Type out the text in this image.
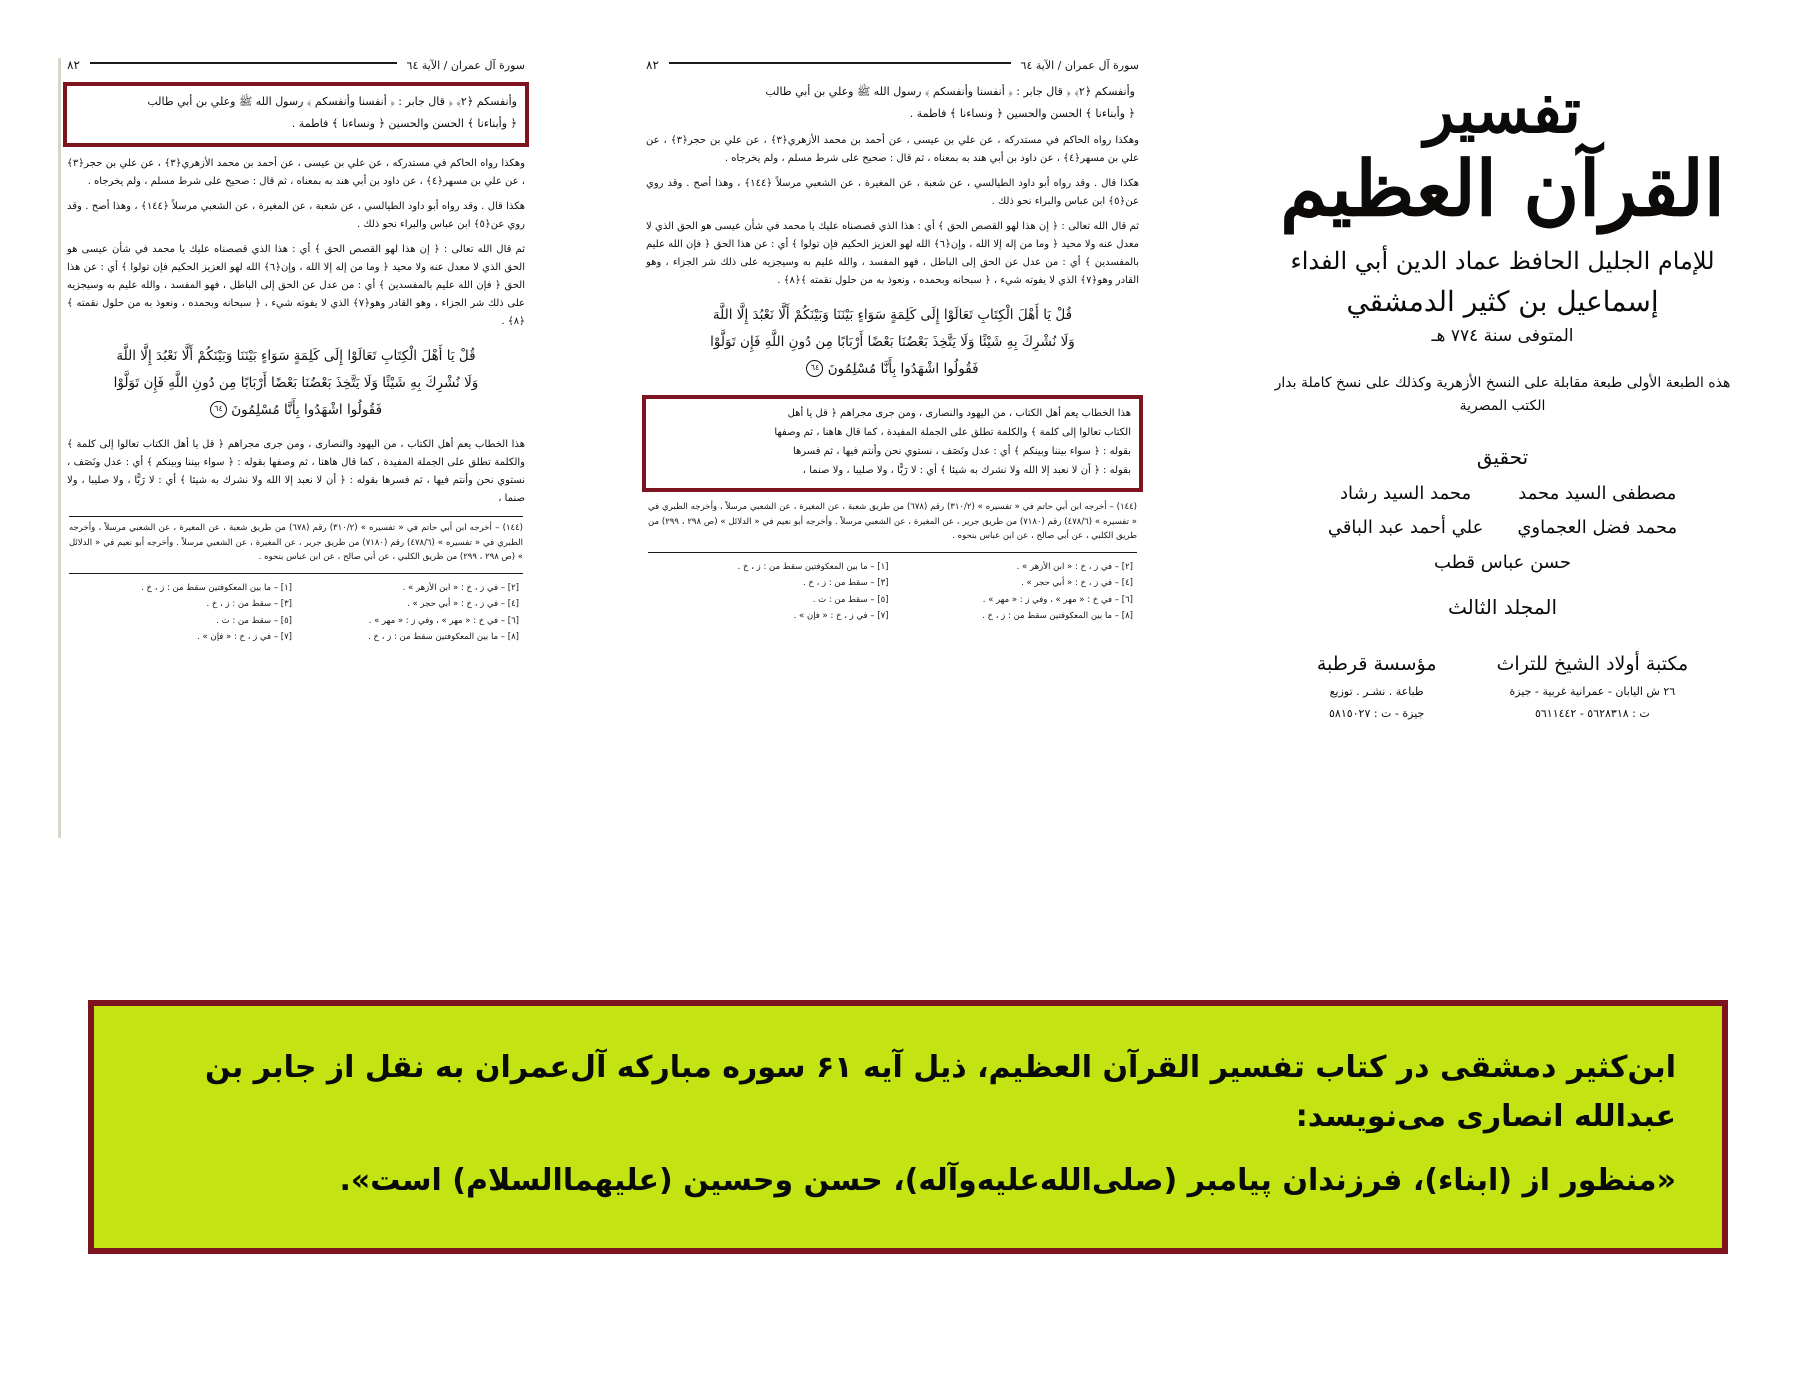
سورة آل عمران / الآية ٦٤
٨٢
وأنفسكم ﴿٢﴾ ﴿ قال جابر : ﴿ أنفسنا وأنفسكم ﴾ رسول الله ﷺ وعلي بن أبي طالب
﴿ وأبناءنا ﴾ الحسن والحسين ﴿ ونساءنا ﴾ فاطمة .
وهكذا رواه الحاكم في مستدركه ، عن علي بن عيسى ، عن أحمد بن محمد الأزهري﴿٣﴾ ، عن علي بن حجر﴿٣﴾ ، عن علي بن مسهر﴿٤﴾ ، عن داود بن أبي هند به بمعناه ، ثم قال : صحيح على شرط مسلم ، ولم يخرجاه .
هكذا قال . وقد رواه أبو داود الطيالسي ، عن شعبة ، عن المغيرة ، عن الشعبي مرسلاً ﴿١٤٤﴾ ، وهذا أصح . وقد روي عن﴿٥﴾ ابن عباس والبراء نحو ذلك .
ثم قال الله تعالى : ﴿ إن هذا لهو القصص الحق ﴾ أي : هذا الذي قصصناه عليك يا محمد في شأن عيسى هو الحق الذي لا معدل عنه ولا محيد ﴿ وما من إله إلا الله ، وإن﴿٦﴾ الله لهو العزيز الحكيم فإن تولوا ﴾ أي : عن هذا الحق ﴿ فإن الله عليم بالمفسدين ﴾ أي : من عدل عن الحق إلى الباطل ، فهو المفسد ، والله عليم به وسيجزيه على ذلك شر الجزاء ، وهو القادر وهو﴿٧﴾ الذي لا يفوته شيء ، ﴿ سبحانه وبحمده ، ونعوذ به من حلول نقمته ﴾﴿٨﴾ .
قُلْ يَا أَهْلَ الْكِتَابِ تَعَالَوْا إِلَى كَلِمَةٍ سَوَاءٍ بَيْنَنَا وَبَيْنَكُمْ أَلَّا نَعْبُدَ إِلَّا اللَّهَ
وَلَا نُشْرِكَ بِهِ شَيْئًا وَلَا يَتَّخِذَ بَعْضُنَا بَعْضًا أَرْبَابًا مِن دُونِ اللَّهِ فَإِن تَوَلَّوْا
فَقُولُوا اشْهَدُوا بِأَنَّا مُسْلِمُونَ ٦٤
هذا الخطاب يعم أهل الكتاب ، من اليهود والنصارى ، ومن جرى مجراهم ﴿ قل يا أهل الكتاب تعالوا إلى كلمة ﴾ والكلمة تطلق على الجملة المفيدة ، كما قال هاهنا ، ثم وصفها بقوله : ﴿ سواء بيننا وبينكم ﴾ أي : عدل ونَصَف ، نستوي نحن وأنتم فيها ، ثم فسرها بقوله : ﴿ أن لا نعبد إلا الله ولا نشرك به شيئا ﴾ أي : لا رَبًّا ، ولا صليبا ، ولا صنما ،
(١٤٤) – أخرجه ابن أبي حاتم في « تفسيره » (٣١٠/٢) رقم (٦٧٨) من طريق شعبة ، عن المغيرة ، عن الشعبي مرسلاً ، وأخرجه الطبري في « تفسيره » (٤٧٨/٦) رقم (٧١٨٠) من طريق جرير ، عن المغيرة ، عن الشعبي مرسلاً . وأخرجه أبو نعيم في « الدلائل » (ص ٢٩٨ ، ٢٩٩) من طريق الكلبي ، عن أبي صالح ، عن ابن عباس بنحوه .
[٢] – في ز ، خ : « ابن الأزهر » .
[٤] – في ز ، خ : « أبي حجر » .
[٦] – في خ : « مهر » ، وفي ز : « مهر » .
[٨] – ما بين المعكوفتين سقط من : ز ، خ .
[١] – ما بين المعكوفتين سقط من : ز ، خ .
[٣] – سقط من : ز ، خ .
[٥] – سقط من : ت .
[٧] – في ز ، خ : « فإن » .
سورة آل عمران / الآية ٦٤
٨٢
وأنفسكم ﴿٢﴾ ﴿ قال جابر : ﴿ أنفسنا وأنفسكم ﴾ رسول الله ﷺ وعلي بن أبي طالب
﴿ وأبناءنا ﴾ الحسن والحسين ﴿ ونساءنا ﴾ فاطمة .
وهكذا رواه الحاكم في مستدركه ، عن علي بن عيسى ، عن أحمد بن محمد الأزهري﴿٣﴾ ، عن علي بن حجر﴿٣﴾ ، عن علي بن مسهر﴿٤﴾ ، عن داود بن أبي هند به بمعناه ، ثم قال : صحيح على شرط مسلم ، ولم يخرجاه .
هكذا قال . وقد رواه أبو داود الطيالسي ، عن شعبة ، عن المغيرة ، عن الشعبي مرسلاً ﴿١٤٤﴾ ، وهذا أصح . وقد روي عن﴿٥﴾ ابن عباس والبراء نحو ذلك .
ثم قال الله تعالى : ﴿ إن هذا لهو القصص الحق ﴾ أي : هذا الذي قصصناه عليك يا محمد في شأن عيسى هو الحق الذي لا معدل عنه ولا محيد ﴿ وما من إله إلا الله ، وإن﴿٦﴾ الله لهو العزيز الحكيم فإن تولوا ﴾ أي : عن هذا الحق ﴿ فإن الله عليم بالمفسدين ﴾ أي : من عدل عن الحق إلى الباطل ، فهو المفسد ، والله عليم به وسيجزيه على ذلك شر الجزاء ، وهو القادر وهو﴿٧﴾ الذي لا يفوته شيء ، ﴿ سبحانه وبحمده ، ونعوذ به من حلول نقمته ﴾﴿٨﴾ .
قُلْ يَا أَهْلَ الْكِتَابِ تَعَالَوْا إِلَى كَلِمَةٍ سَوَاءٍ بَيْنَنَا وَبَيْنَكُمْ أَلَّا نَعْبُدَ إِلَّا اللَّهَ
وَلَا نُشْرِكَ بِهِ شَيْئًا وَلَا يَتَّخِذَ بَعْضُنَا بَعْضًا أَرْبَابًا مِن دُونِ اللَّهِ فَإِن تَوَلَّوْا
فَقُولُوا اشْهَدُوا بِأَنَّا مُسْلِمُونَ ٦٤
هذا الخطاب يعم أهل الكتاب ، من اليهود والنصارى ، ومن جرى مجراهم ﴿ قل يا أهل
الكتاب تعالوا إلى كلمة ﴾ والكلمة تطلق على الجملة المفيدة ، كما قال هاهنا ، ثم وصفها
بقوله : ﴿ سواء بيننا وبينكم ﴾ أي : عدل ونَصَف ، نستوي نحن وأنتم فيها ، ثم فسرها
بقوله : ﴿ أن لا نعبد إلا الله ولا نشرك به شيئا ﴾ أي : لا رَبًّا ، ولا صليبا ، ولا صنما ،
(١٤٤) – أخرجه ابن أبي حاتم في « تفسيره » (٣١٠/٢) رقم (٦٧٨) من طريق شعبة ، عن المغيرة ، عن الشعبي مرسلاً ، وأخرجه الطبري في « تفسيره » (٤٧٨/٦) رقم (٧١٨٠) من طريق جرير ، عن المغيرة ، عن الشعبي مرسلاً . وأخرجه أبو نعيم في « الدلائل » (ص ٢٩٨ ، ٢٩٩) من طريق الكلبي ، عن أبي صالح ، عن ابن عباس بنحوه .
[٢] – في ز ، خ : « ابن الأزهر » .
[٤] – في ز ، خ : « أبي حجر » .
[٦] – في خ : « مهر » ، وفي ز : « مهر » .
[٨] – ما بين المعكوفتين سقط من : ز ، خ .
[١] – ما بين المعكوفتين سقط من : ز ، خ .
[٣] – سقط من : ز ، خ .
[٥] – سقط من : ت .
[٧] – في ز ، خ : « فإن » .
تفسير
القرآن العظيم
للإمام الجليل الحافظ عماد الدين أبي الفداء
إسماعيل بن كثير الدمشقي
المتوفى سنة ٧٧٤ هـ
هذه الطبعة الأولى طبعة مقابلة على النسخ الأزهرية وكذلك على نسخ كاملة بدار الكتب المصرية
تحقيق
مصطفى السيد محمد
محمد فضل العجماوي
محمد السيد رشاد
علي أحمد عبد الباقي
حسن عباس قطب
المجلد الثالث
مكتبة أولاد الشيخ للتراث
٢٦ ش اليابان - عمرانية غربية - جيزة
ت : ٥٦٢٨٣١٨ - ٥٦١١٤٤٢
مؤسسة قرطبة
طباعة . نشـر . توزيع
جيزة - ت : ٥٨١٥٠٢٧

ابن‌کثیر دمشقی در کتاب تفسیر القرآن العظیم، ذیل آیه ۶۱ سوره مبارکه آل‌عمران به نقل از جابر بن عبدالله انصاری می‌نویسد:

«منظور از (ابناء)، فرزندان پیامبر (صلی‌الله‌علیه‌وآله)، حسن وحسین (علیهماالسلام) است».
